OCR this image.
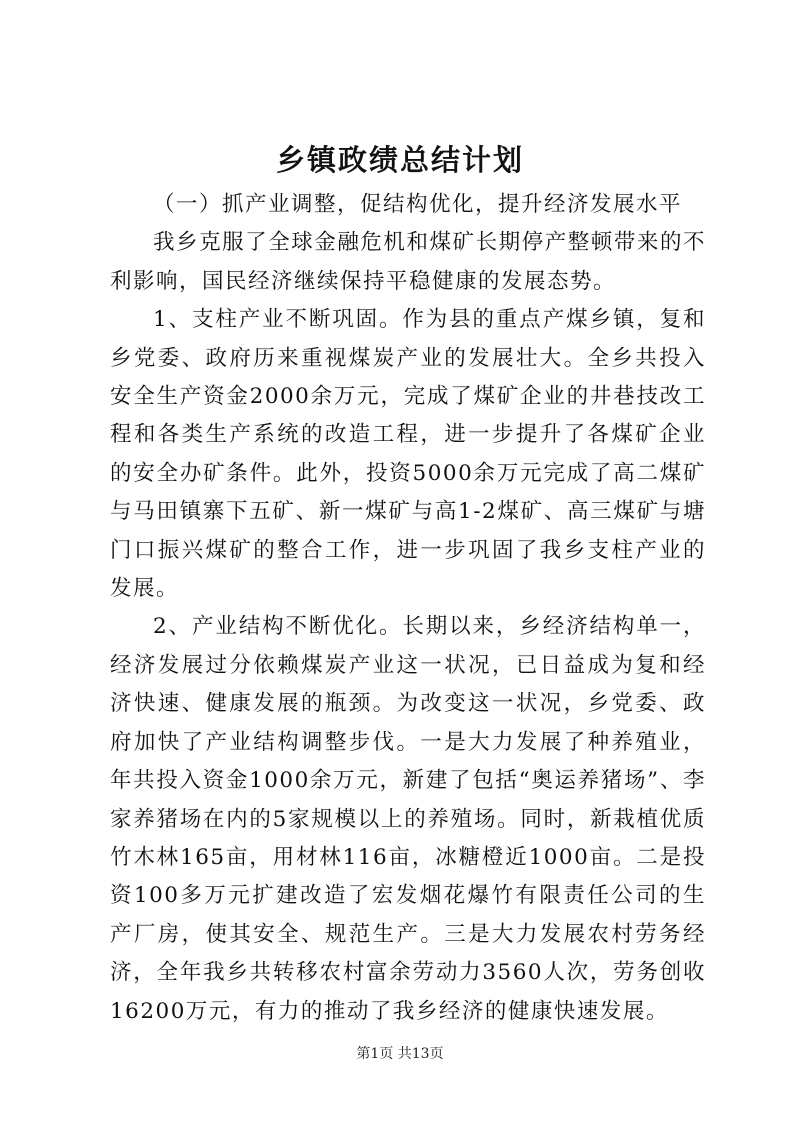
乡镇政绩总结计划

（一）抓产业调整，促结构优化，提升经济发展水平

我乡克服了全球金融危机和煤矿长期停产整顿带来的不利影响，国民经济继续保持平稳健康的发展态势。

1、支柱产业不断巩固。作为县的重点产煤乡镇，复和乡党委、政府历来重视煤炭产业的发展壮大。全乡共投入安全生产资金2000余万元，完成了煤矿企业的井巷技改工程和各类生产系统的改造工程，进一步提升了各煤矿企业的安全办矿条件。此外，投资5000余万元完成了高二煤矿与马田镇寨下五矿、新一煤矿与高1-2煤矿、高三煤矿与塘门口振兴煤矿的整合工作，进一步巩固了我乡支柱产业的发展。

2、产业结构不断优化。长期以来，乡经济结构单一，经济发展过分依赖煤炭产业这一状况，已日益成为复和经济快速、健康发展的瓶颈。为改变这一状况，乡党委、政府加快了产业结构调整步伐。一是大力发展了种养殖业，年共投入资金1000余万元，新建了包括“奥运养猪场”、李家养猪场在内的5家规模以上的养殖场。同时，新栽植优质竹木林165亩，用材林116亩，冰糖橙近1000亩。二是投资100多万元扩建改造了宏发烟花爆竹有限责任公司的生产厂房，使其安全、规范生产。三是大力发展农村劳务经济，全年我乡共转移农村富余劳动力3560人次，劳务创收16200万元，有力的推动了我乡经济的健康快速发展。

第1页 共13页
